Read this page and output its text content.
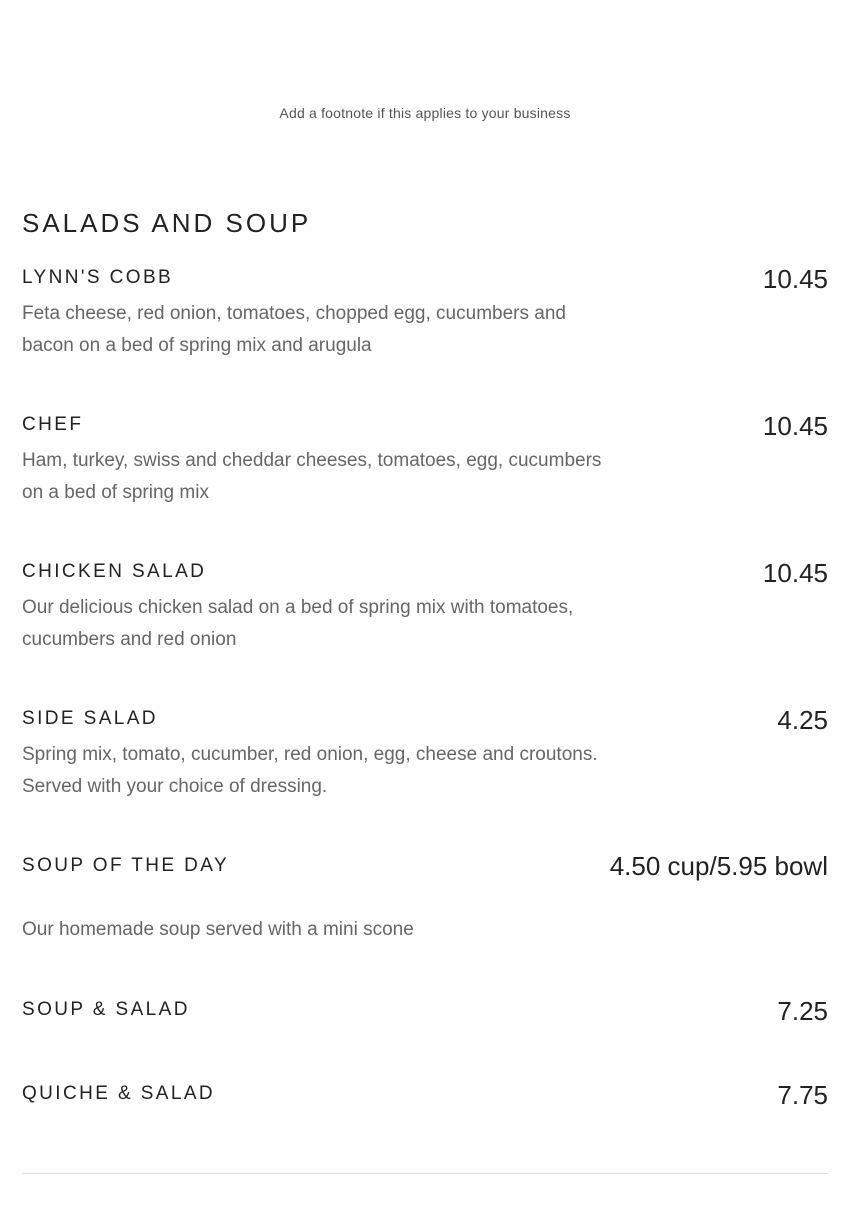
Add a footnote if this applies to your business
SALADS AND SOUP
LYNN'S COBB	10.45
Feta cheese, red onion, tomatoes, chopped egg, cucumbers and bacon on a bed of spring mix and arugula
CHEF	10.45
Ham, turkey, swiss and cheddar cheeses, tomatoes, egg, cucumbers on a bed of spring mix
CHICKEN SALAD	10.45
Our delicious chicken salad on a bed of spring mix with tomatoes, cucumbers and red onion
SIDE SALAD	4.25
Spring mix, tomato, cucumber, red onion, egg, cheese and croutons. Served with your choice of dressing.
SOUP OF THE DAY	4.50 cup/5.95 bowl
Our homemade soup served with a mini scone
SOUP & SALAD	7.25
QUICHE & SALAD	7.75
